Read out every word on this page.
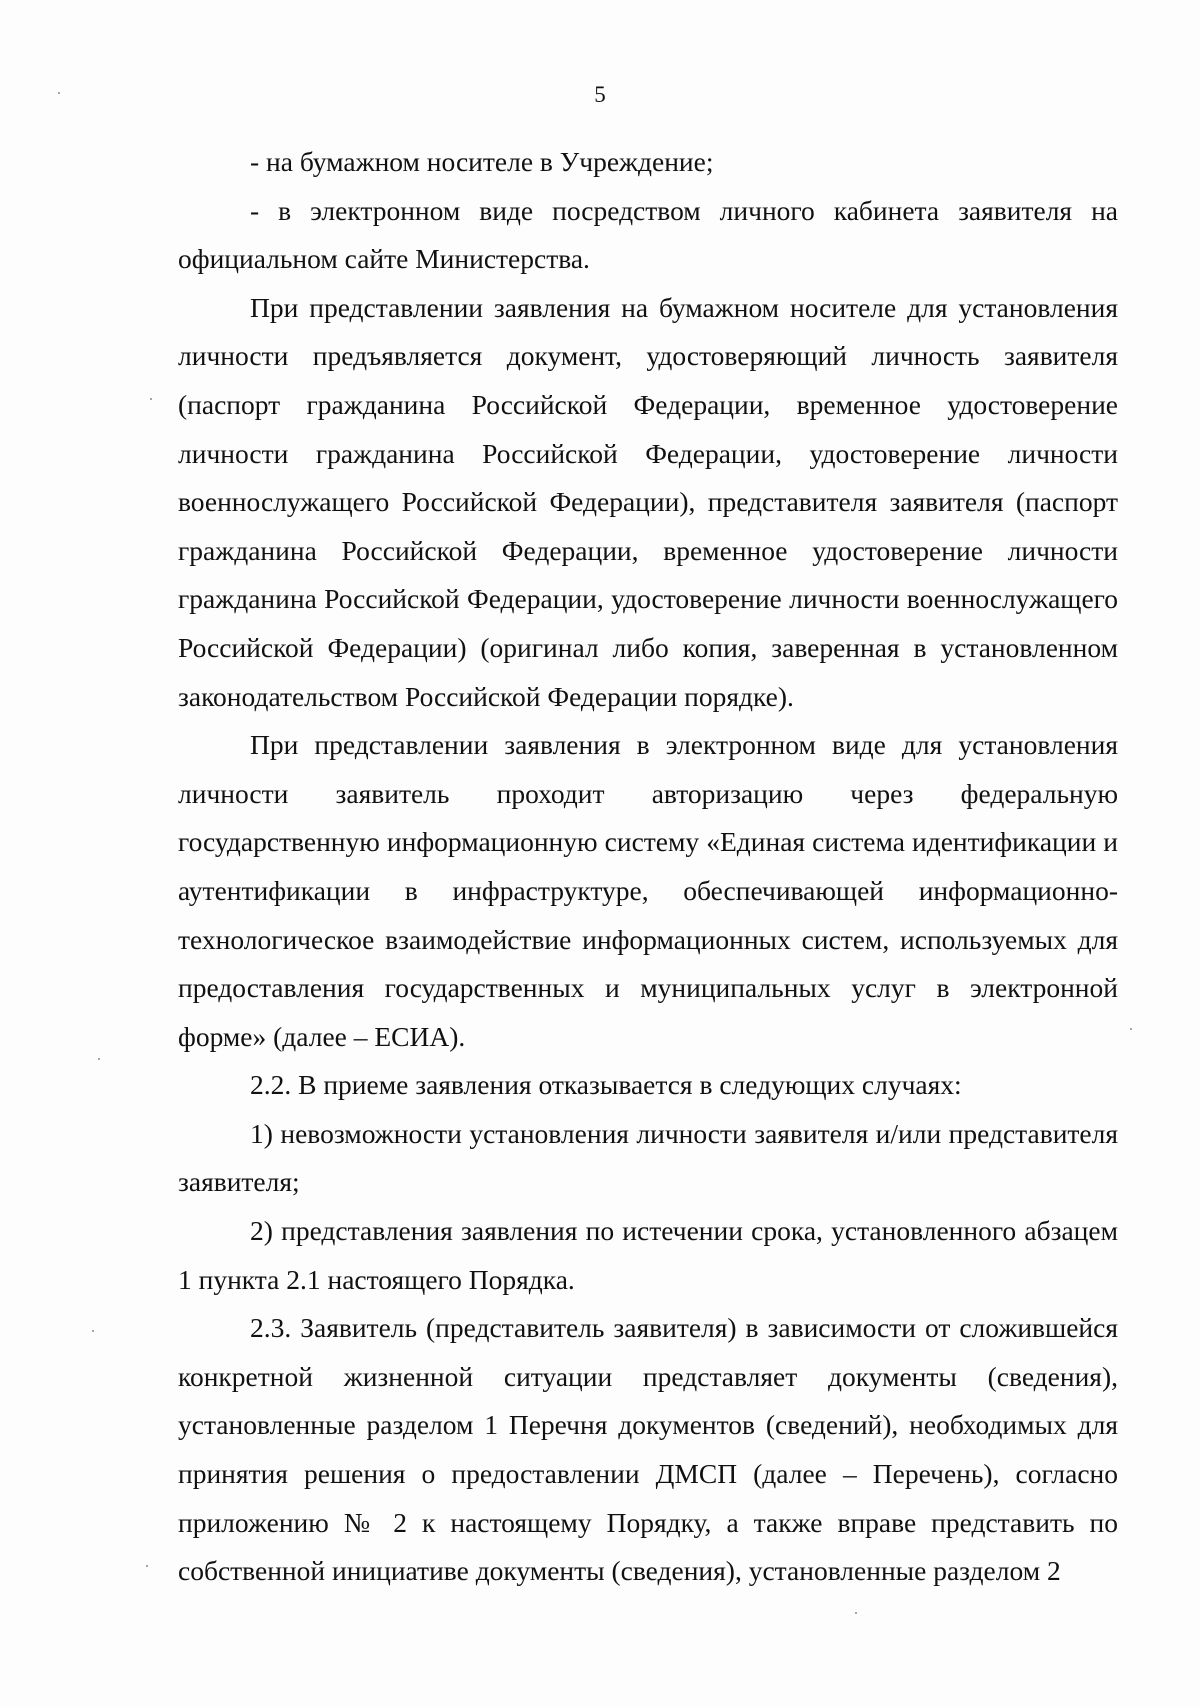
5

- на бумажном носителе в Учреждение;

- в электронном виде посредством личного кабинета заявителя на официальном сайте Министерства.

При представлении заявления на бумажном носителе для установления личности предъявляется документ, удостоверяющий личность заявителя (паспорт гражданина Российской Федерации, временное удостоверение личности гражданина Российской Федерации, удостоверение личности военнослужащего Российской Федерации), представителя заявителя (паспорт гражданина Российской Федерации, временное удостоверение личности гражданина Российской Федерации, удостоверение личности военнослужащего Российской Федерации) (оригинал либо копия, заверенная в установленном законодательством Российской Федерации порядке).

При представлении заявления в электронном виде для установления личности заявитель проходит авторизацию через федеральную государственную информационную систему «Единая система идентификации и аутентификации в инфраструктуре, обеспечивающей информационно-технологическое взаимодействие информационных систем, используемых для предоставления государственных и муниципальных услуг в электронной форме» (далее – ЕСИА).

2.2. В приеме заявления отказывается в следующих случаях:

1) невозможности установления личности заявителя и/или представителя заявителя;

2) представления заявления по истечении срока, установленного абзацем 1 пункта 2.1 настоящего Порядка.

2.3. Заявитель (представитель заявителя) в зависимости от сложившейся конкретной жизненной ситуации представляет документы (сведения), установленные разделом 1 Перечня документов (сведений), необходимых для принятия решения о предоставлении ДМСП (далее – Перечень), согласно приложению № 2 к настоящему Порядку, а также вправе представить по собственной инициативе документы (сведения), установленные разделом 2
